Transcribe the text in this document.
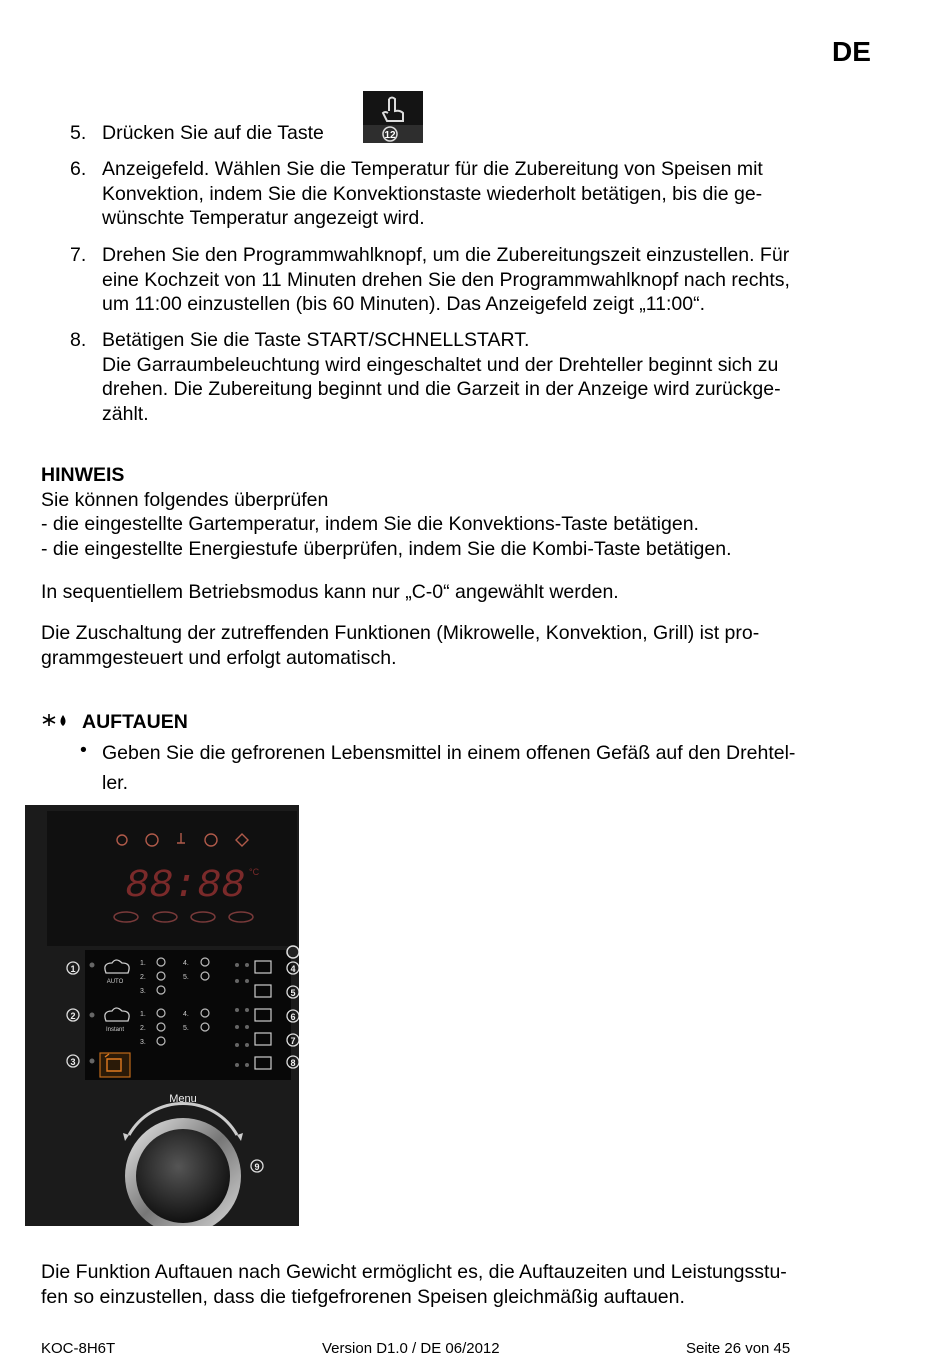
DE
5. Drücken Sie auf die Taste
6. Anzeigefeld. Wählen Sie die Temperatur für die Zubereitung von Speisen mit
Konvektion, indem Sie die Konvektionstaste wiederholt betätigen, bis die ge-
wünschte Temperatur angezeigt wird.
7. Drehen Sie den Programmwahlknopf, um die Zubereitungszeit einzustellen. Für
eine Kochzeit von 11 Minuten drehen Sie den Programmwahlknopf nach rechts,
um 11:00 einzustellen (bis 60 Minuten). Das Anzeigefeld zeigt „11:00“.
8. Betätigen Sie die Taste START/SCHNELLSTART.
Die Garraumbeleuchtung wird eingeschaltet und der Drehteller beginnt sich zu
drehen. Die Zubereitung beginnt und die Garzeit in der Anzeige wird zurückge-
zählt.
12
HINWEIS
Sie können folgendes überprüfen
- die eingestellte Gartemperatur, indem Sie die Konvektions-Taste betätigen.
- die eingestellte Energiestufe überprüfen, indem Sie die Kombi-Taste betätigen.
In sequentiellem Betriebsmodus kann nur „C-0“ angewählt werden.
Die Zuschaltung der zutreffenden Funktionen (Mikrowelle, Konvektion, Grill) ist pro-
grammgesteuert und erfolgt automatisch.
AUFTAUEN
• Geben Sie die gefrorenen Lebensmittel in einem offenen Gefäß auf den Drehtel-
ler.
88:88 °C
1
2
3
AUTO
Instant
1.
2.
3.
4.
5.
1.
2.
3.
4.
5.
4
5
6
7
8
Menu
9
Die Funktion Auftauen nach Gewicht ermöglicht es, die Auftauzeiten und Leistungsstu-
fen so einzustellen, dass die tiefgefrorenen Speisen gleichmäßig auftauen.
KOC-8H6T	Version D1.0 / DE 06/2012	Seite 26 von 45
